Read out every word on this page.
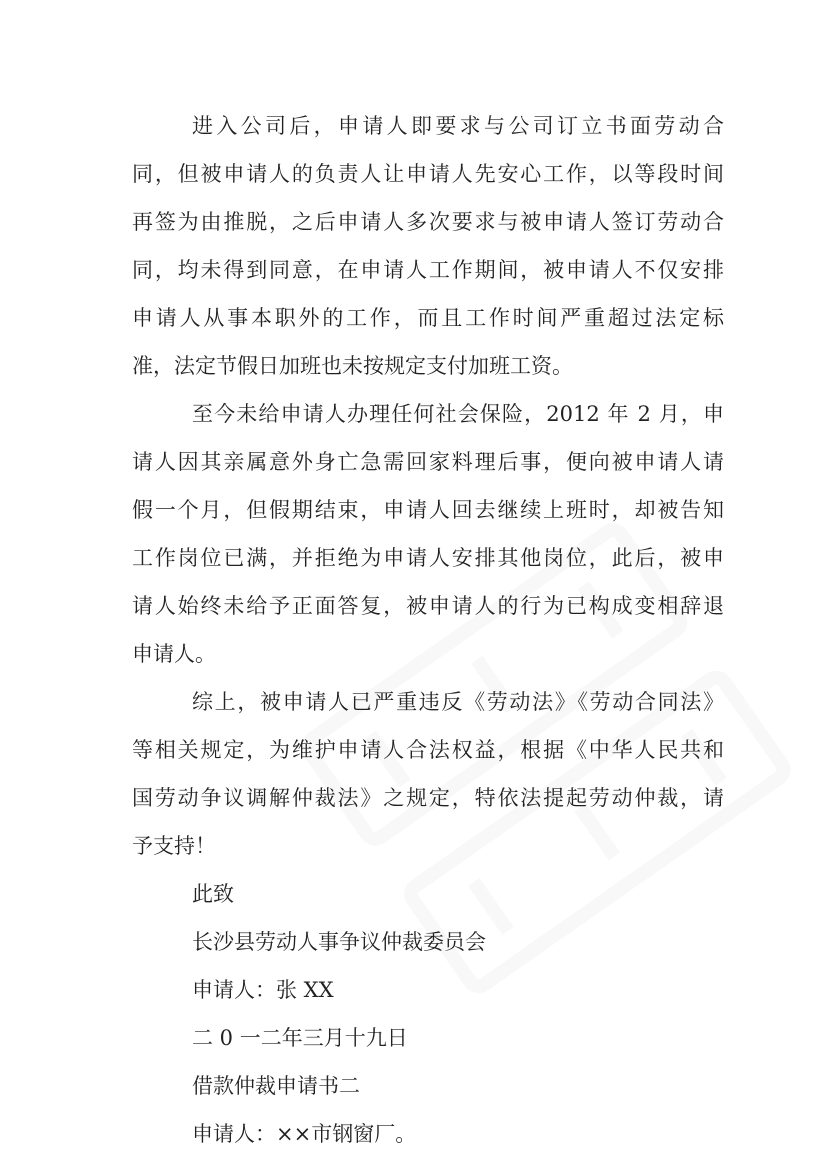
进入公司后，申请人即要求与公司订立书面劳动合
同，但被申请人的负责人让申请人先安心工作，以等段时间
再签为由推脱，之后申请人多次要求与被申请人签订劳动合
同，均未得到同意，在申请人工作期间，被申请人不仅安排
申请人从事本职外的工作，而且工作时间严重超过法定标
准，法定节假日加班也未按规定支付加班工资。
至今未给申请人办理任何社会保险，2012 年 2 月，申
请人因其亲属意外身亡急需回家料理后事，便向被申请人请
假一个月，但假期结束，申请人回去继续上班时，却被告知
工作岗位已满，并拒绝为申请人安排其他岗位，此后，被申
请人始终未给予正面答复，被申请人的行为已构成变相辞退
申请人。
综上，被申请人已严重违反《劳动法》《劳动合同法》
等相关规定，为维护申请人合法权益，根据《中华人民共和
国劳动争议调解仲裁法》之规定，特依法提起劳动仲裁，请
予支持！
此致
长沙县劳动人事争议仲裁委员会
申请人：张 XX
二 0 一二年三月十九日
借款仲裁申请书二
申请人：××市钢窗厂。
